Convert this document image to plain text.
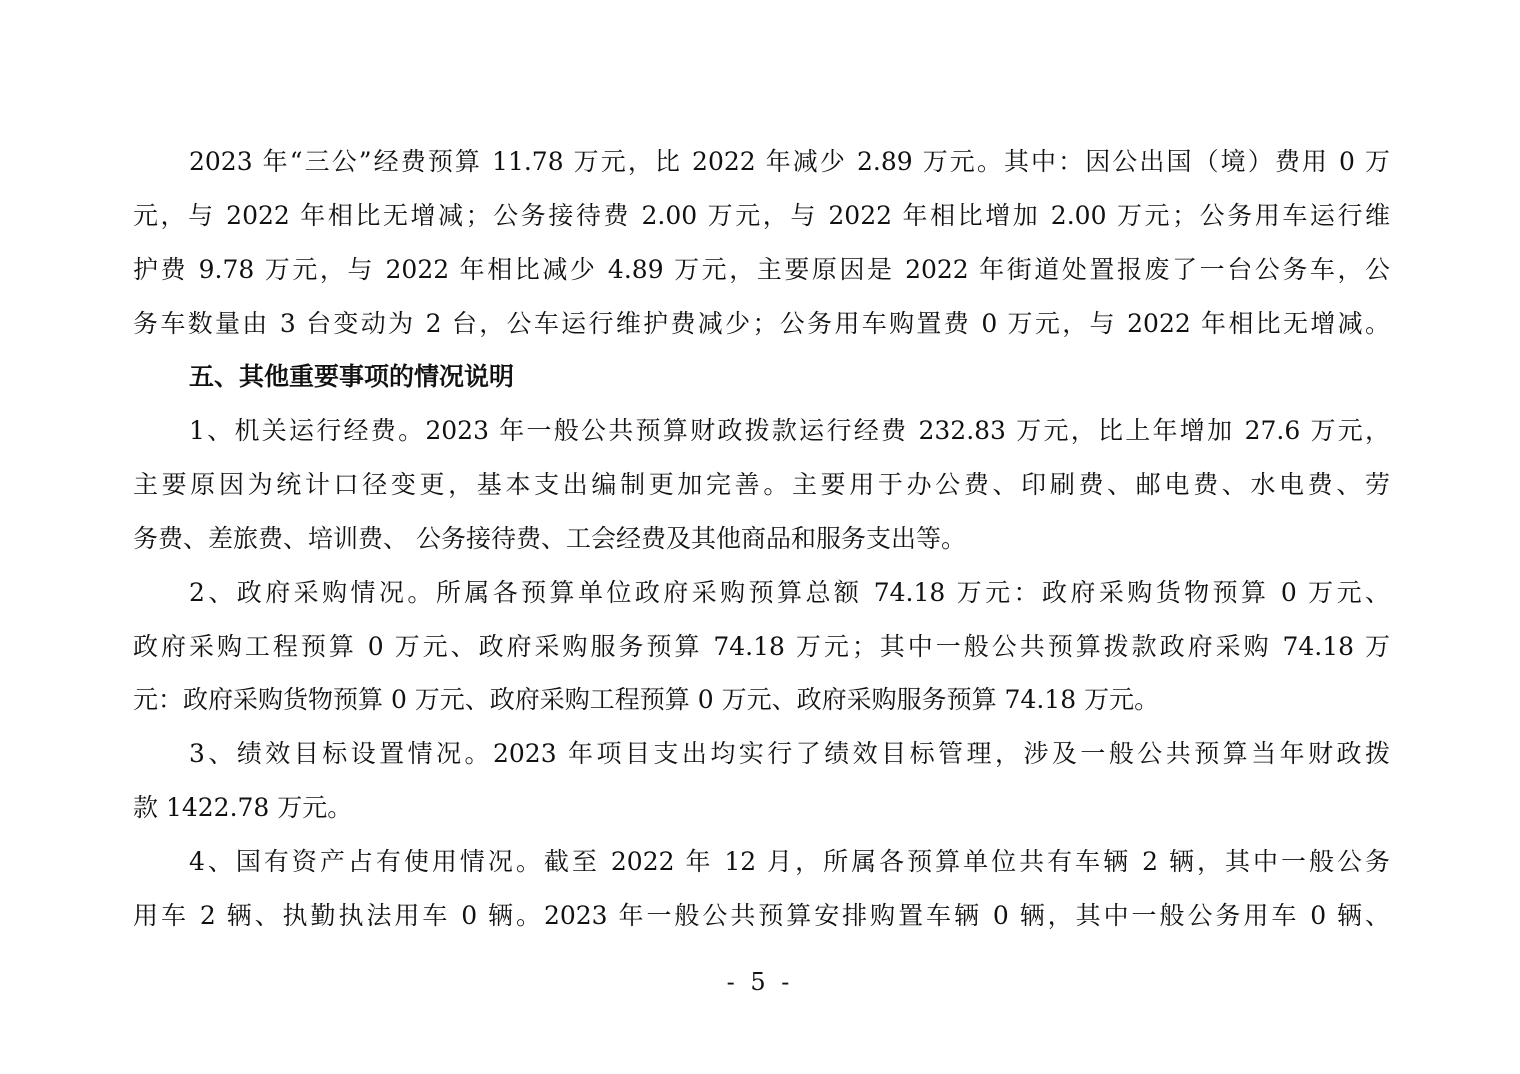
2023 年“三公”经费预算 11.78 万元，比 2022 年减少 2.89 万元。其中：因公出国（境）费用 0 万
元，与 2022 年相比无增减；公务接待费 2.00 万元，与 2022 年相比增加 2.00 万元；公务用车运行维
护费 9.78 万元，与 2022 年相比减少 4.89 万元，主要原因是 2022 年街道处置报废了一台公务车，公
务车数量由 3 台变动为 2 台，公车运行维护费减少；公务用车购置费 0 万元，与 2022 年相比无增减。
五、其他重要事项的情况说明
1、机关运行经费。2023 年一般公共预算财政拨款运行经费 232.83 万元，比上年增加 27.6 万元，
主要原因为统计口径变更，基本支出编制更加完善。主要用于办公费、印刷费、邮电费、水电费、劳
务费、差旅费、培训费、 公务接待费、工会经费及其他商品和服务支出等。
2、政府采购情况。所属各预算单位政府采购预算总额 74.18 万元：政府采购货物预算 0 万元、
政府采购工程预算 0 万元、政府采购服务预算 74.18 万元；其中一般公共预算拨款政府采购 74.18 万
元：政府采购货物预算 0 万元、政府采购工程预算 0 万元、政府采购服务预算 74.18 万元。
3、绩效目标设置情况。2023 年项目支出均实行了绩效目标管理，涉及一般公共预算当年财政拨
款 1422.78 万元。
4、国有资产占有使用情况。截至 2022 年 12 月，所属各预算单位共有车辆 2 辆，其中一般公务
用车 2 辆、执勤执法用车 0 辆。2023 年一般公共预算安排购置车辆 0 辆，其中一般公务用车 0 辆、
- 5 -
